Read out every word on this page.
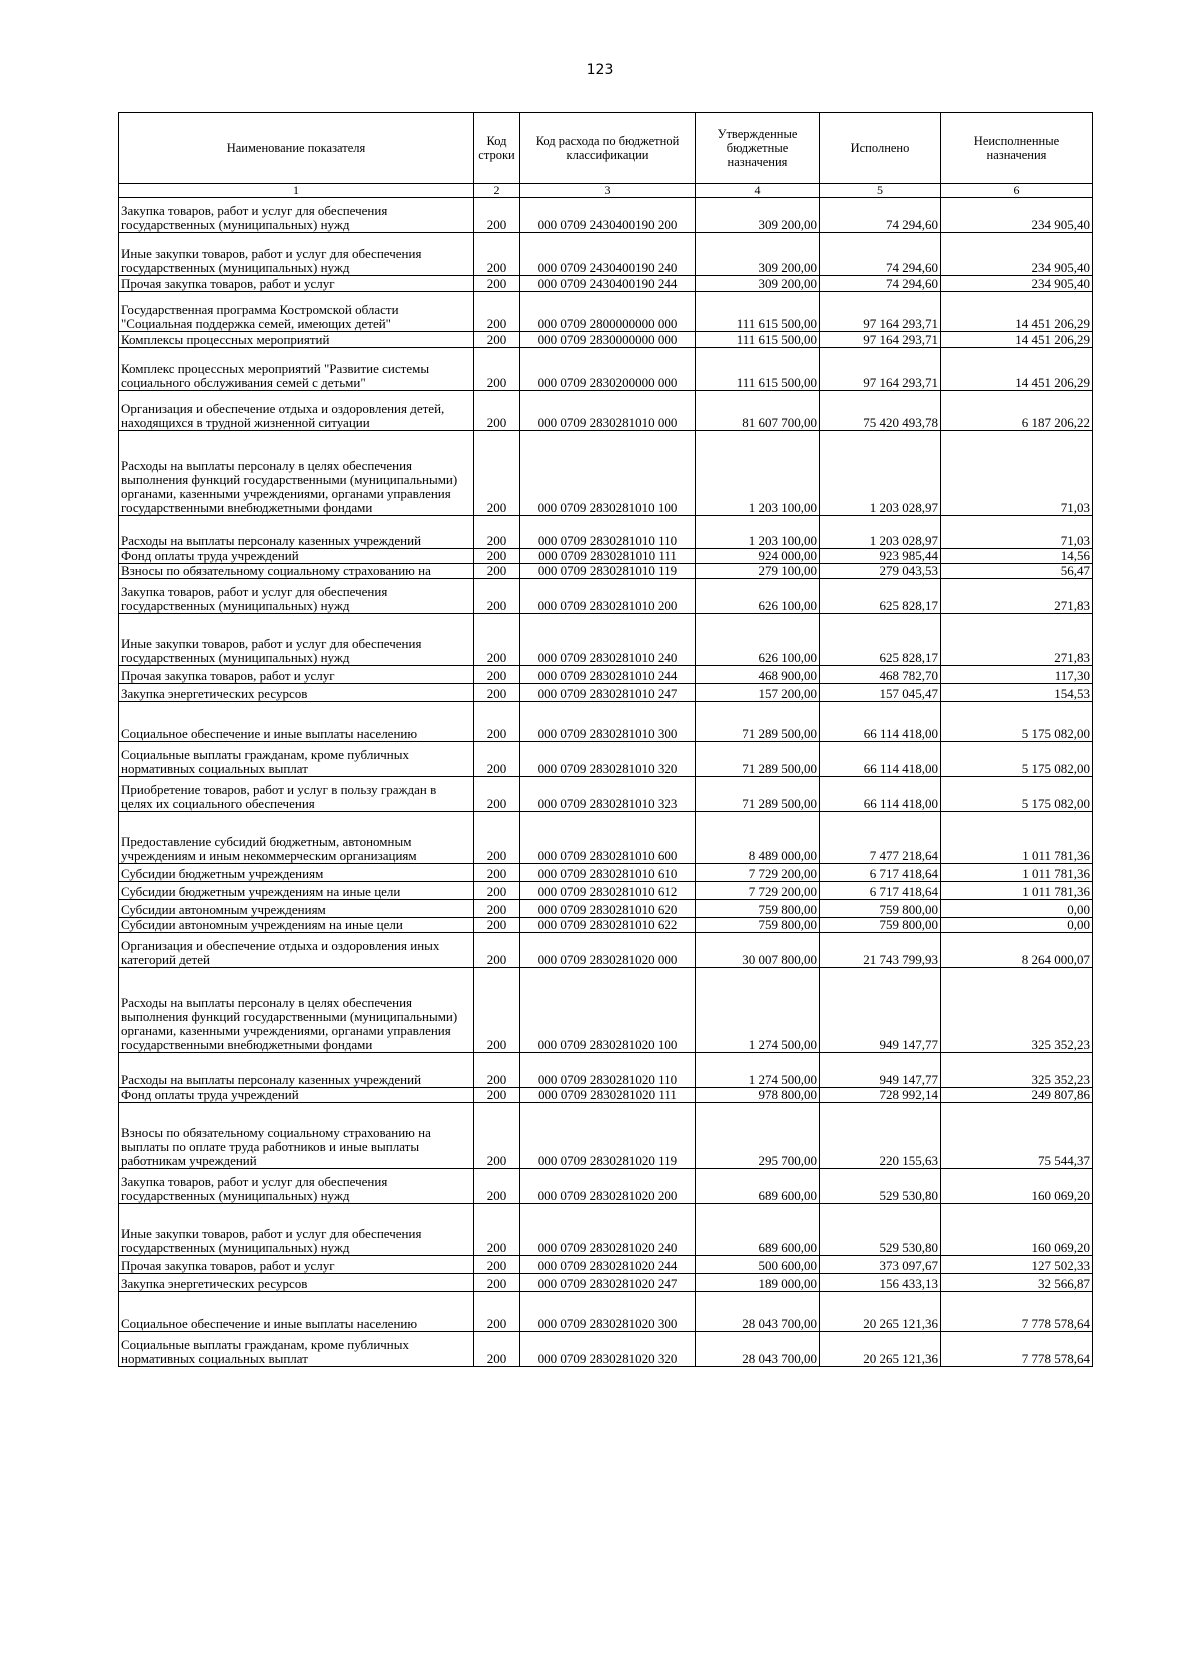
123
Наименование показателя	Код строки	Код расхода по бюджетной классификации	Утвержденные бюджетные назначения	Исполнено	Неисполненные назначения
1	2	3	4	5	6
Закупка товаров, работ и услуг для обеспечения государственных (муниципальных) нужд	200	000 0709 2430400190 200	309 200,00	74 294,60	234 905,40
Иные закупки товаров, работ и услуг для обеспечения государственных (муниципальных) нужд	200	000 0709 2430400190 240	309 200,00	74 294,60	234 905,40
Прочая закупка товаров, работ и услуг	200	000 0709 2430400190 244	309 200,00	74 294,60	234 905,40
Государственная программа Костромской области "Социальная поддержка семей, имеющих детей"	200	000 0709 2800000000 000	111 615 500,00	97 164 293,71	14 451 206,29
Комплексы процессных мероприятий	200	000 0709 2830000000 000	111 615 500,00	97 164 293,71	14 451 206,29
Комплекс процессных мероприятий "Развитие системы социального обслуживания семей с детьми"	200	000 0709 2830200000 000	111 615 500,00	97 164 293,71	14 451 206,29
Организация и обеспечение отдыха и оздоровления детей, находящихся в трудной жизненной ситуации	200	000 0709 2830281010 000	81 607 700,00	75 420 493,78	6 187 206,22
Расходы на выплаты персоналу в целях обеспечения выполнения функций государственными (муниципальными) органами, казенными учреждениями, органами управления государственными внебюджетными фондами	200	000 0709 2830281010 100	1 203 100,00	1 203 028,97	71,03
Расходы на выплаты персоналу казенных учреждений	200	000 0709 2830281010 110	1 203 100,00	1 203 028,97	71,03
Фонд оплаты труда учреждений	200	000 0709 2830281010 111	924 000,00	923 985,44	14,56
Взносы по обязательному социальному страхованию на	200	000 0709 2830281010 119	279 100,00	279 043,53	56,47
Закупка товаров, работ и услуг для обеспечения государственных (муниципальных) нужд	200	000 0709 2830281010 200	626 100,00	625 828,17	271,83
Иные закупки товаров, работ и услуг для обеспечения государственных (муниципальных) нужд	200	000 0709 2830281010 240	626 100,00	625 828,17	271,83
Прочая закупка товаров, работ и услуг	200	000 0709 2830281010 244	468 900,00	468 782,70	117,30
Закупка энергетических ресурсов	200	000 0709 2830281010 247	157 200,00	157 045,47	154,53
Социальное обеспечение и иные выплаты населению	200	000 0709 2830281010 300	71 289 500,00	66 114 418,00	5 175 082,00
Социальные выплаты гражданам, кроме публичных нормативных социальных выплат	200	000 0709 2830281010 320	71 289 500,00	66 114 418,00	5 175 082,00
Приобретение товаров, работ и услуг в пользу граждан в целях их социального обеспечения	200	000 0709 2830281010 323	71 289 500,00	66 114 418,00	5 175 082,00
Предоставление субсидий бюджетным, автономным учреждениям и иным некоммерческим организациям	200	000 0709 2830281010 600	8 489 000,00	7 477 218,64	1 011 781,36
Субсидии бюджетным учреждениям	200	000 0709 2830281010 610	7 729 200,00	6 717 418,64	1 011 781,36
Субсидии бюджетным учреждениям на иные цели	200	000 0709 2830281010 612	7 729 200,00	6 717 418,64	1 011 781,36
Субсидии автономным учреждениям	200	000 0709 2830281010 620	759 800,00	759 800,00	0,00
Субсидии автономным учреждениям на иные цели	200	000 0709 2830281010 622	759 800,00	759 800,00	0,00
Организация и обеспечение отдыха и оздоровления иных категорий детей	200	000 0709 2830281020 000	30 007 800,00	21 743 799,93	8 264 000,07
Расходы на выплаты персоналу в целях обеспечения выполнения функций государственными (муниципальными) органами, казенными учреждениями, органами управления государственными внебюджетными фондами	200	000 0709 2830281020 100	1 274 500,00	949 147,77	325 352,23
Расходы на выплаты персоналу казенных учреждений	200	000 0709 2830281020 110	1 274 500,00	949 147,77	325 352,23
Фонд оплаты труда учреждений	200	000 0709 2830281020 111	978 800,00	728 992,14	249 807,86
Взносы по обязательному социальному страхованию на выплаты по оплате труда работников и иные выплаты работникам учреждений	200	000 0709 2830281020 119	295 700,00	220 155,63	75 544,37
Закупка товаров, работ и услуг для обеспечения государственных (муниципальных) нужд	200	000 0709 2830281020 200	689 600,00	529 530,80	160 069,20
Иные закупки товаров, работ и услуг для обеспечения государственных (муниципальных) нужд	200	000 0709 2830281020 240	689 600,00	529 530,80	160 069,20
Прочая закупка товаров, работ и услуг	200	000 0709 2830281020 244	500 600,00	373 097,67	127 502,33
Закупка энергетических ресурсов	200	000 0709 2830281020 247	189 000,00	156 433,13	32 566,87
Социальное обеспечение и иные выплаты населению	200	000 0709 2830281020 300	28 043 700,00	20 265 121,36	7 778 578,64
Социальные выплаты гражданам, кроме публичных нормативных социальных выплат	200	000 0709 2830281020 320	28 043 700,00	20 265 121,36	7 778 578,64
